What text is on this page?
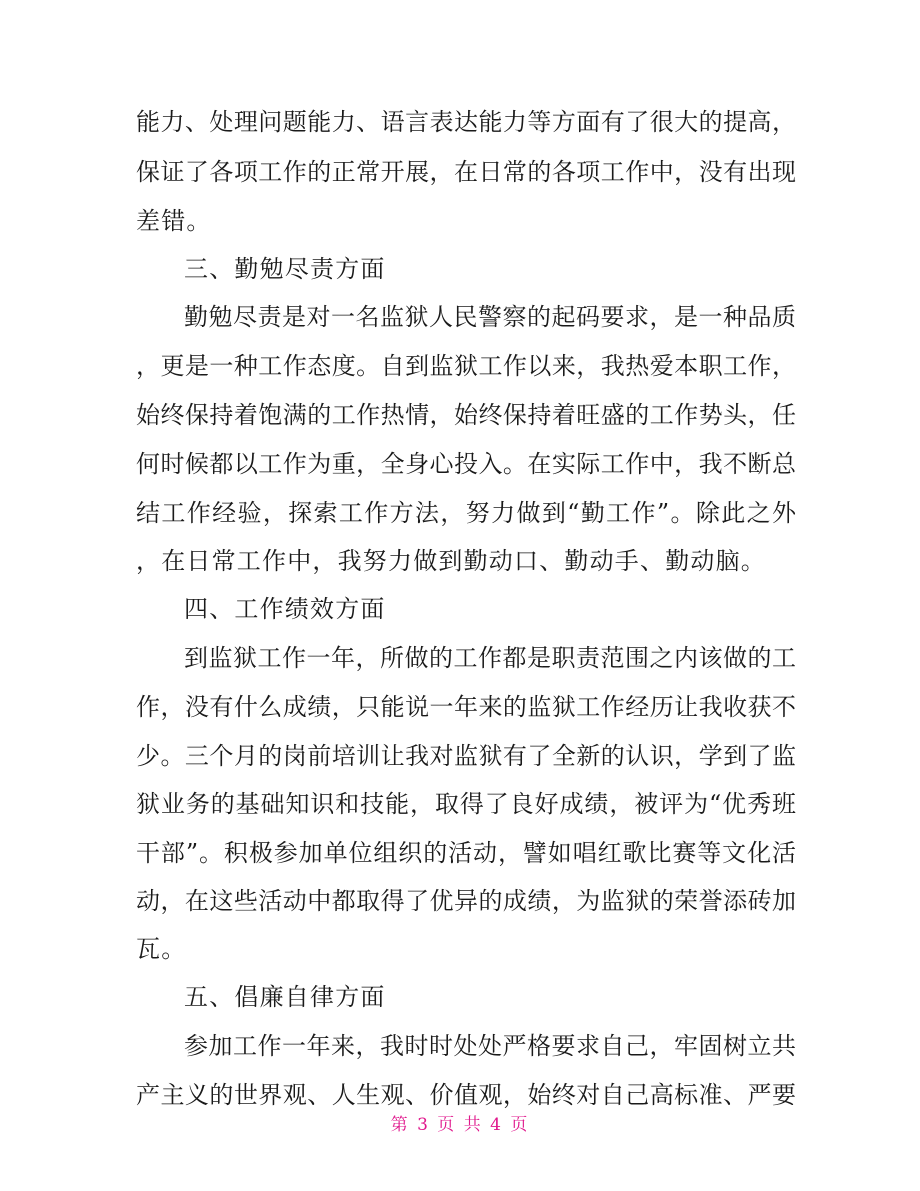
能力、处理问题能力、语言表达能力等方面有了很大的提高，
保证了各项工作的正常开展，在日常的各项工作中，没有出现
差错。
三、勤勉尽责方面
勤勉尽责是对一名监狱人民警察的起码要求，是一种品质
，更是一种工作态度。自到监狱工作以来，我热爱本职工作，
始终保持着饱满的工作热情，始终保持着旺盛的工作势头，任
何时候都以工作为重，全身心投入。在实际工作中，我不断总
结工作经验，探索工作方法，努力做到“勤工作”。除此之外
，在日常工作中，我努力做到勤动口、勤动手、勤动脑。
四、工作绩效方面
到监狱工作一年，所做的工作都是职责范围之内该做的工
作，没有什么成绩，只能说一年来的监狱工作经历让我收获不
少。三个月的岗前培训让我对监狱有了全新的认识，学到了监
狱业务的基础知识和技能，取得了良好成绩，被评为“优秀班
干部”。积极参加单位组织的活动，譬如唱红歌比赛等文化活
动，在这些活动中都取得了优异的成绩，为监狱的荣誉添砖加
瓦。
五、倡廉自律方面
参加工作一年来，我时时处处严格要求自己，牢固树立共
产主义的世界观、人生观、价值观，始终对自己高标准、严要
第 3 页 共 4 页
